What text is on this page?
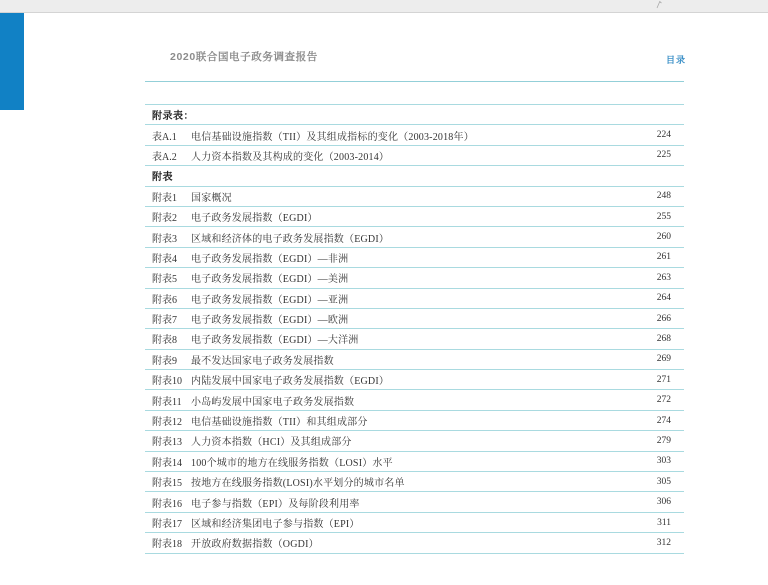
2020联合国电子政务调查报告	目录
附录表：
表A.1	电信基础设施指数（TII）及其组成指标的变化（2003-2018年）	224
表A.2	人力资本指数及其构成的变化（2003-2014）	225
附表
附表1	国家概况	248
附表2	电子政务发展指数（EGDI）	255
附表3	区域和经济体的电子政务发展指数（EGDI）	260
附表4	电子政务发展指数（EGDI）—非洲	261
附表5	电子政务发展指数（EGDI）—美洲	263
附表6	电子政务发展指数（EGDI）—亚洲	264
附表7	电子政务发展指数（EGDI）—欧洲	266
附表8	电子政务发展指数（EGDI）—大洋洲	268
附表9	最不发达国家电子政务发展指数	269
附表10 内陆发展中国家电子政务发展指数（EGDI）	271
附表11 小岛屿发展中国家电子政务发展指数	272
附表12 电信基础设施指数（TII）和其组成部分	274
附表13 人力资本指数（HCI）及其组成部分	279
附表14 100个城市的地方在线服务指数（LOSI）水平	303
附表15 按地方在线服务指数(LOSI)水平划分的城市名单	305
附表16 电子参与指数（EPI）及每阶段利用率	306
附表17 区域和经济集团电子参与指数（EPI）	311
附表18 开放政府数据指数（OGDI）	312
